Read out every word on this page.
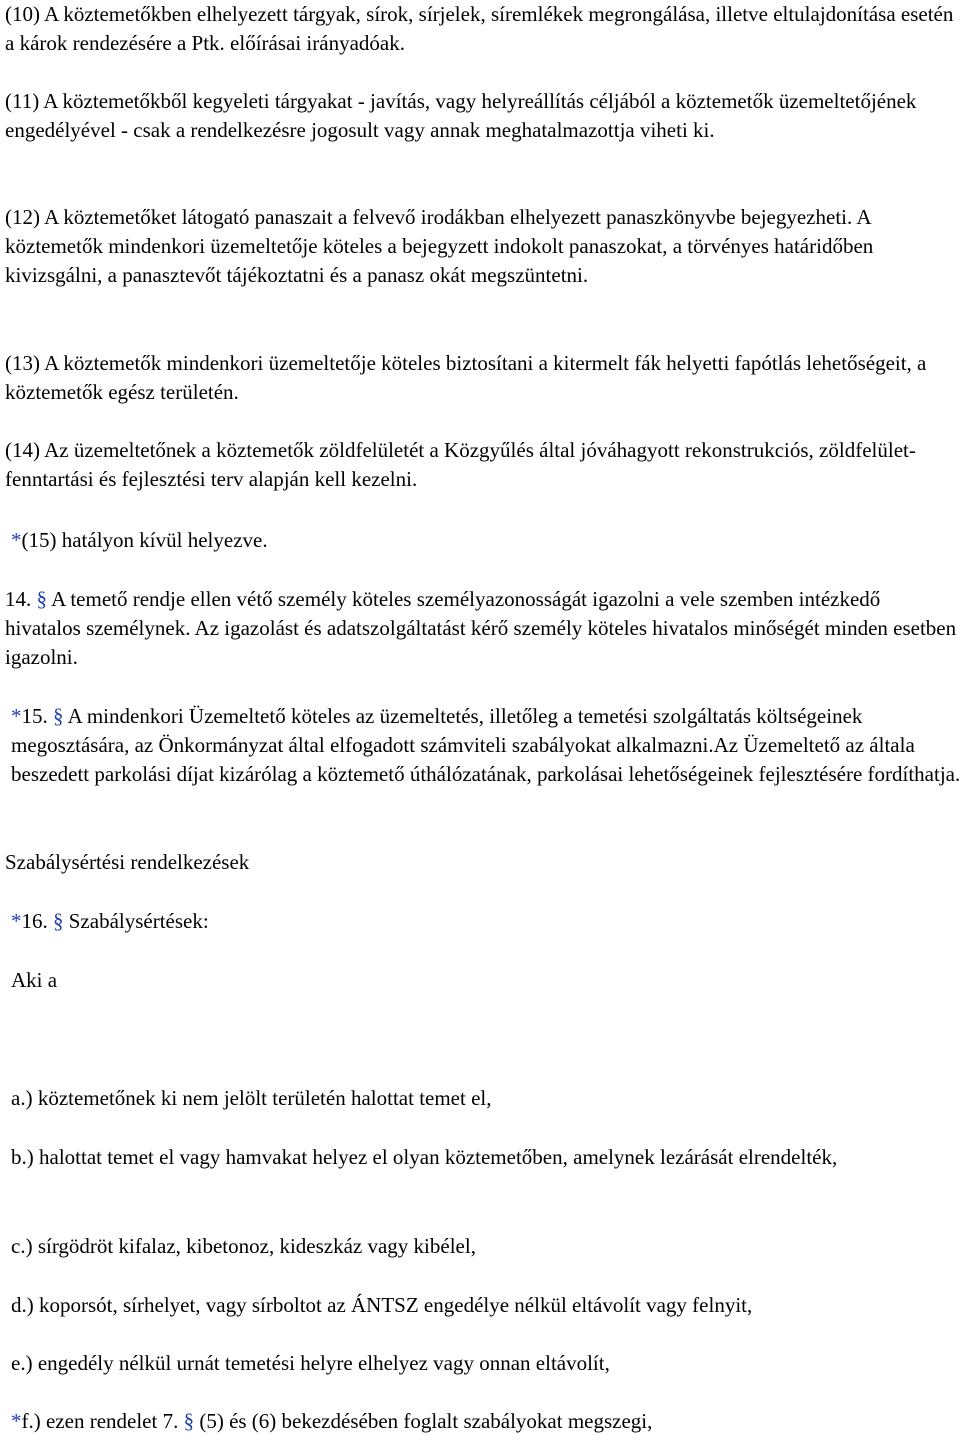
(10) A köztemetőkben elhelyezett tárgyak, sírok, sírjelek, síremlékek megrongálása, illetve eltulajdonítása esetén a károk rendezésére a Ptk. előírásai irányadóak.

(11) A köztemetőkből kegyeleti tárgyakat - javítás, vagy helyreállítás céljából a köztemetők üzemeltetőjének engedélyével - csak a rendelkezésre jogosult vagy annak meghatalmazottja viheti ki.

(12) A köztemetőket látogató panaszait a felvevő irodákban elhelyezett panaszkönyvbe bejegyezheti. A köztemetők mindenkori üzemeltetője köteles a bejegyzett indokolt panaszokat, a törvényes határidőben kivizsgálni, a panasztevőt tájékoztatni és a panasz okát megszüntetni.

(13) A köztemetők mindenkori üzemeltetője köteles biztosítani a kitermelt fák helyetti fapótlás lehetőségeit, a köztemetők egész területén.

(14) Az üzemeltetőnek a köztemetők zöldfelületét a Közgyűlés által jóváhagyott rekonstrukciós, zöldfelület-fenntartási és fejlesztési terv alapján kell kezelni.

*(15) hatályon kívül helyezve.

14. § A temető rendje ellen vétő személy köteles személyazonosságát igazolni a vele szemben intézkedő hivatalos személynek. Az igazolást és adatszolgáltatást kérő személy köteles hivatalos minőségét minden esetben igazolni.

*15. § A mindenkori Üzemeltető köteles az üzemeltetés, illetőleg a temetési szolgáltatás költségeinek megosztására, az Önkormányzat által elfogadott számviteli szabályokat alkalmazni.Az Üzemeltető az általa beszedett parkolási díjat kizárólag a köztemető úthálózatának, parkolásai lehetőségeinek fejlesztésére fordíthatja.

Szabálysértési rendelkezések

*16. § Szabálysértések:

Aki a

a.) köztemetőnek ki nem jelölt területén halottat temet el,

b.) halottat temet el vagy hamvakat helyez el olyan köztemetőben, amelynek lezárását elrendelték,

c.) sírgödröt kifalaz, kibetonoz, kideszkáz vagy kibélel,

d.) koporsót, sírhelyet, vagy sírboltot az ÁNTSZ engedélye nélkül eltávolít vagy felnyit,

e.) engedély nélkül urnát temetési helyre elhelyez vagy onnan eltávolít,

*f.) ezen rendelet 7. § (5) és (6) bekezdésében foglalt szabályokat megszegi,
